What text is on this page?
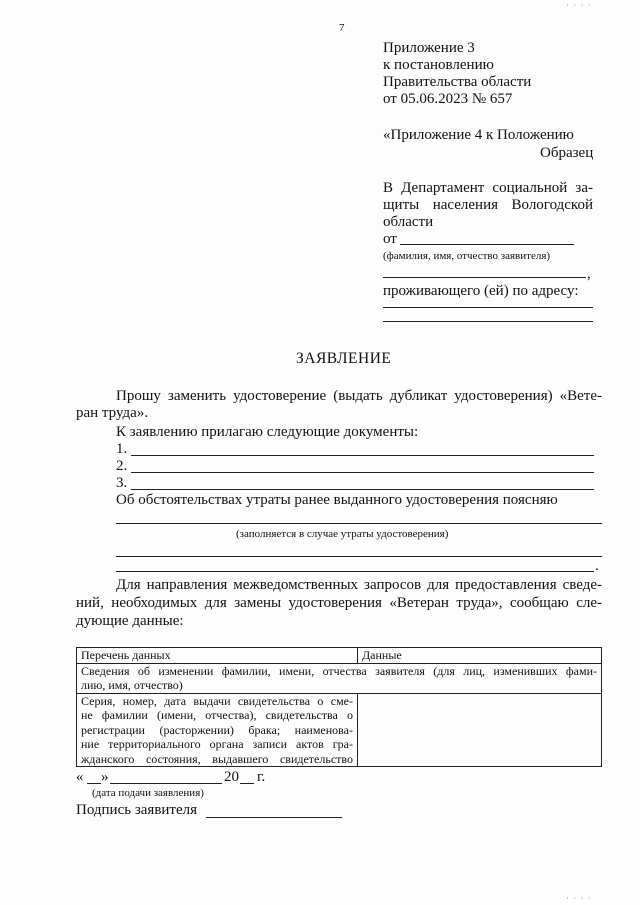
7
· · · ·
· · · ·
Приложение 3
к постановлению
Правительства области
от 05.06.2023 № 657
«Приложение 4 к Положению
Образец
В Департамент социальной за-
щиты населения Вологодской
области
от
(фамилия, имя, отчество заявителя)
,
проживающего (ей) по адресу:
ЗАЯВЛЕНИЕ
Прошу заменить удостоверение (выдать дубликат удостоверения) «Вете-
ран труда».
К заявлению прилагаю следующие документы:
1.
2.
3.
Об обстоятельствах утраты ранее выданного удостоверения поясняю
(заполняется в случае утраты удостоверения)
.
Для направления межведомственных запросов для предоставления сведе-
ний, необходимых для замены удостоверения «Ветеран труда», сообщаю сле-
дующие данные:
Перечень данных	Данные

Сведения об изменении фамилии, имени, отчества заявителя (для лиц, изменивших фами-
лию, имя, отчество)	

Серия, номер, дата выдачи свидетельства о сме-
не фамилии (имени, отчества), свидетельства о
регистрации (расторжении) брака; наименова-
ние территориального органа записи актов гра-
жданского состояния, выдавшего свидетельство	

« »	20 г.
(дата подачи заявления)
Подпись заявителя
